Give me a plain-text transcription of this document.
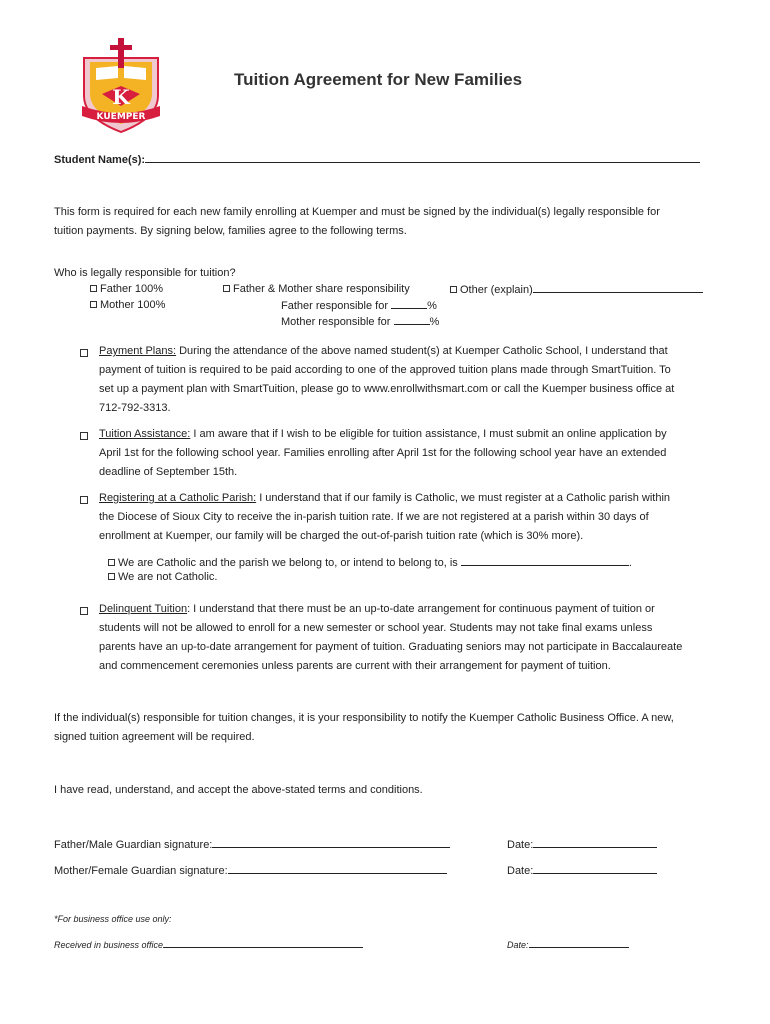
K
KUEMPER
Tuition Agreement for New Families
Student Name(s):

This form is required for each new family enrolling at Kuemper and must be signed by the individual(s) legally responsible for

tuition payments. By signing below, families agree to the following terms.

Who is legally responsible for tuition?
Father 100%
Mother 100%
Father & Mother share responsibility
Father responsible for	%
Mother responsible for	%
Other (explain)

Payment Plans: During the attendance of the above named student(s) at Kuemper Catholic School, I understand that

payment of tuition is required to be paid according to one of the approved tuition plans made through SmartTuition. To

set up a payment plan with SmartTuition, please go to www.enrollwithsmart.com or call the Kuemper business office at

712-792-3313.

Tuition Assistance: I am aware that if I wish to be eligible for tuition assistance, I must submit an online application by

April 1st for the following school year. Families enrolling after April 1st for the following school year have an extended

deadline of September 15th.

Registering at a Catholic Parish: I understand that if our family is Catholic, we must register at a Catholic parish within

the Diocese of Sioux City to receive the in-parish tuition rate. If we are not registered at a parish within 30 days of

enrollment at Kuemper, our family will be charged the out-of-parish tuition rate (which is 30% more).

We are Catholic and the parish we belong to, or intend to belong to, is	.
We are not Catholic.

Delinquent Tuition: I understand that there must be an up-to-date arrangement for continuous payment of tuition or

students will not be allowed to enroll for a new semester or school year. Students may not take final exams unless

parents have an up-to-date arrangement for payment of tuition. Graduating seniors may not participate in Baccalaureate

and commencement ceremonies unless parents are current with their arrangement for payment of tuition.

If the individual(s) responsible for tuition changes, it is your responsibility to notify the Kuemper Catholic Business Office. A new,

signed tuition agreement will be required.

I have read, understand, and accept the above-stated terms and conditions.
Father/Male Guardian signature:	Date:
Mother/Female Guardian signature:	Date:
*For business office use only:
Received in business office	Date:
